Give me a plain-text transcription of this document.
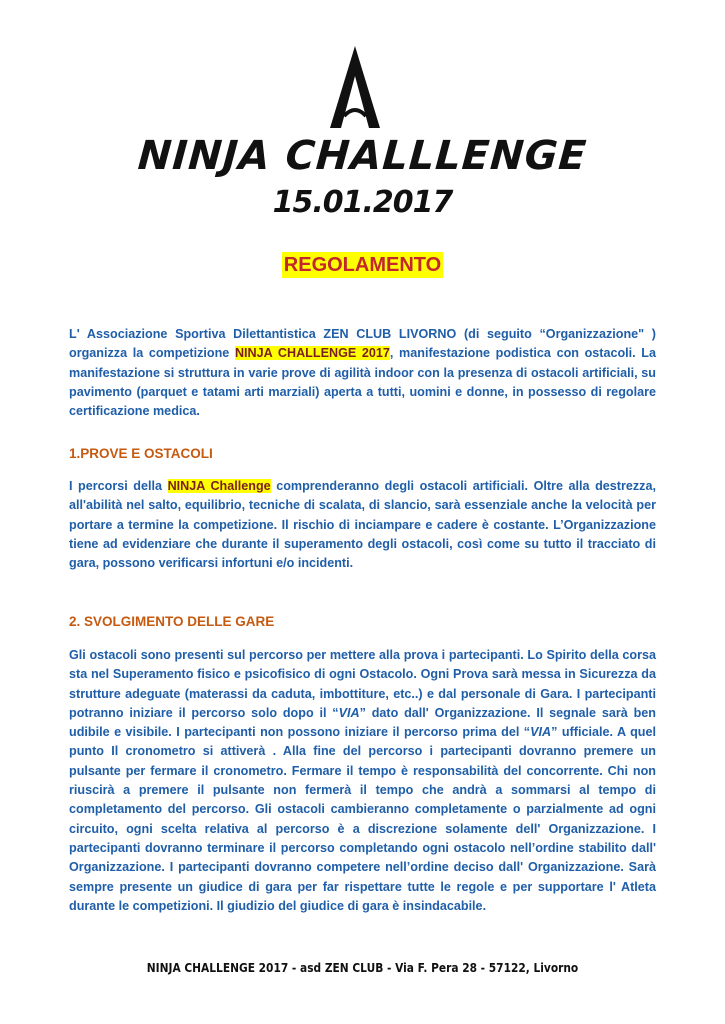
NINJA CHALLLENGE
15.01.2017
REGOLAMENTO

L' Associazione Sportiva Dilettantistica ZEN CLUB LIVORNO (di seguito “Organizzazione" ) organizza la competizione NINJA CHALLENGE 2017, manifestazione podistica con ostacoli. La manifestazione si struttura in varie prove di agilità indoor con la presenza di ostacoli artificiali, su pavimento (parquet e tatami arti marziali) aperta a tutti, uomini e donne, in possesso di regolare certificazione medica.

1.PROVE E OSTACOLI

I percorsi della NINJA Challenge comprenderanno degli ostacoli artificiali. Oltre alla destrezza, all'abilità nel salto, equilibrio, tecniche di scalata, di slancio, sarà essenziale anche la velocità per portare a termine la competizione. Il rischio di inciampare e cadere è costante. L’Organizzazione tiene ad evidenziare che durante il superamento degli ostacoli, così come su tutto il tracciato di gara, possono verificarsi infortuni e/o incidenti.

2. SVOLGIMENTO DELLE GARE

Gli ostacoli sono presenti sul percorso per mettere alla prova i partecipanti. Lo Spirito della corsa sta nel Superamento fisico e psicofisico di ogni Ostacolo. Ogni Prova sarà messa in Sicurezza da strutture adeguate (materassi da caduta, imbottiture, etc..) e dal personale di Gara. I partecipanti potranno iniziare il percorso solo dopo il “VIA” dato dall' Organizzazione. Il segnale sarà ben udibile e visibile. I partecipanti non possono iniziare il percorso prima del “VIA” ufficiale. A quel punto Il cronometro si attiverà . Alla fine del percorso i partecipanti dovranno premere un pulsante per fermare il cronometro. Fermare il tempo è responsabilità del concorrente. Chi non riuscirà a premere il pulsante non fermerà il tempo che andrà a sommarsi al tempo di completamento del percorso. Gli ostacoli cambieranno completamente o parzialmente ad ogni circuito, ogni scelta relativa al percorso è a discrezione solamente dell' Organizzazione. I partecipanti dovranno terminare il percorso completando ogni ostacolo nell’ordine stabilito dall' Organizzazione. I partecipanti dovranno competere nell’ordine deciso dall' Organizzazione. Sarà sempre presente un giudice di gara per far rispettare tutte le regole e per supportare l' Atleta durante le competizioni. Il giudizio del giudice di gara è insindacabile.

NINJA CHALLENGE 2017 - asd ZEN CLUB - Via F. Pera 28 - 57122, Livorno
